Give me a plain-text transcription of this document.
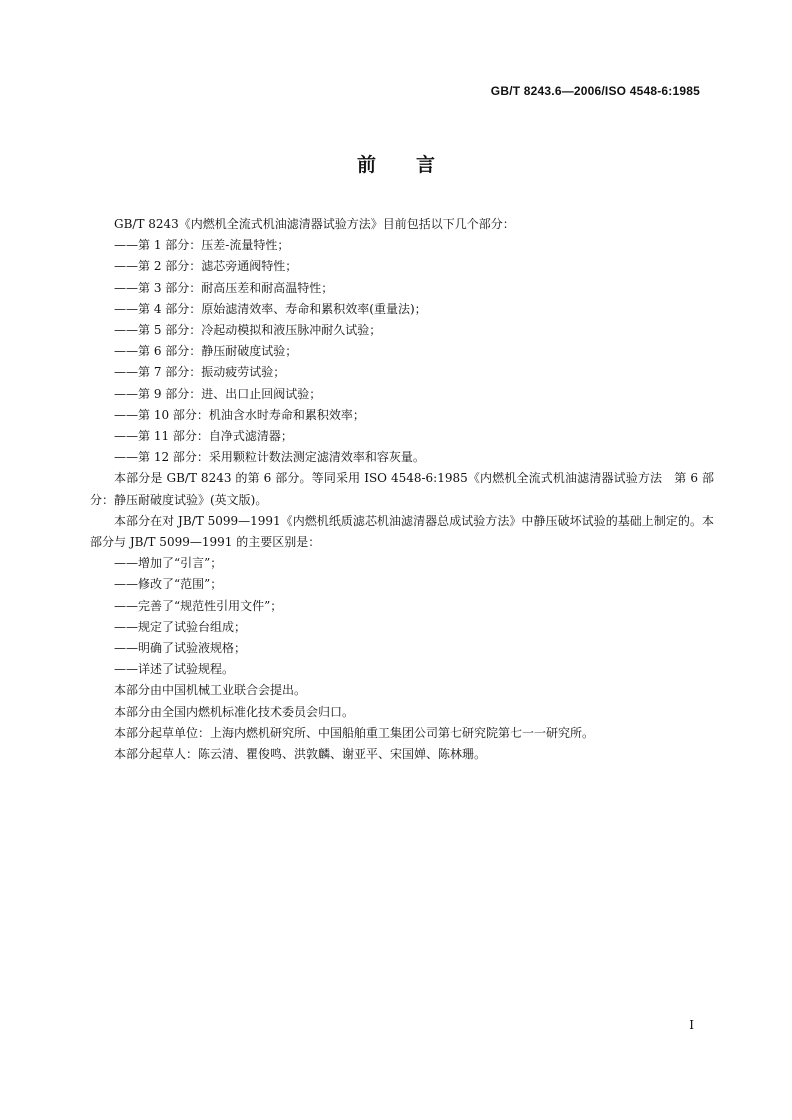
GB/T 8243.6—2006/ISO 4548-6:1985
前言

GB/T 8243《内燃机全流式机油滤清器试验方法》目前包括以下几个部分：

——第 1 部分：压差-流量特性；

——第 2 部分：滤芯旁通阀特性；

——第 3 部分：耐高压差和耐高温特性；

——第 4 部分：原始滤清效率、寿命和累积效率(重量法)；

——第 5 部分：冷起动模拟和液压脉冲耐久试验；

——第 6 部分：静压耐破度试验；

——第 7 部分：振动疲劳试验；

——第 9 部分：进、出口止回阀试验；

——第 10 部分：机油含水时寿命和累积效率；

——第 11 部分：自净式滤清器；

——第 12 部分：采用颗粒计数法测定滤清效率和容灰量。

本部分是 GB/T 8243 的第 6 部分。等同采用 ISO 4548-6:1985《内燃机全流式机油滤清器试验方法　第 6 部分：静压耐破度试验》(英文版)。

本部分在对 JB/T 5099—1991《内燃机纸质滤芯机油滤清器总成试验方法》中静压破坏试验的基础上制定的。本部分与 JB/T 5099—1991 的主要区别是：

——增加了“引言”；

——修改了“范围”；

——完善了“规范性引用文件”；

——规定了试验台组成；

——明确了试验液规格；

——详述了试验规程。

本部分由中国机械工业联合会提出。

本部分由全国内燃机标准化技术委员会归口。

本部分起草单位：上海内燃机研究所、中国船舶重工集团公司第七研究院第七一一研究所。

本部分起草人：陈云清、瞿俊鸣、洪敦麟、谢亚平、宋国婵、陈林珊。

I
